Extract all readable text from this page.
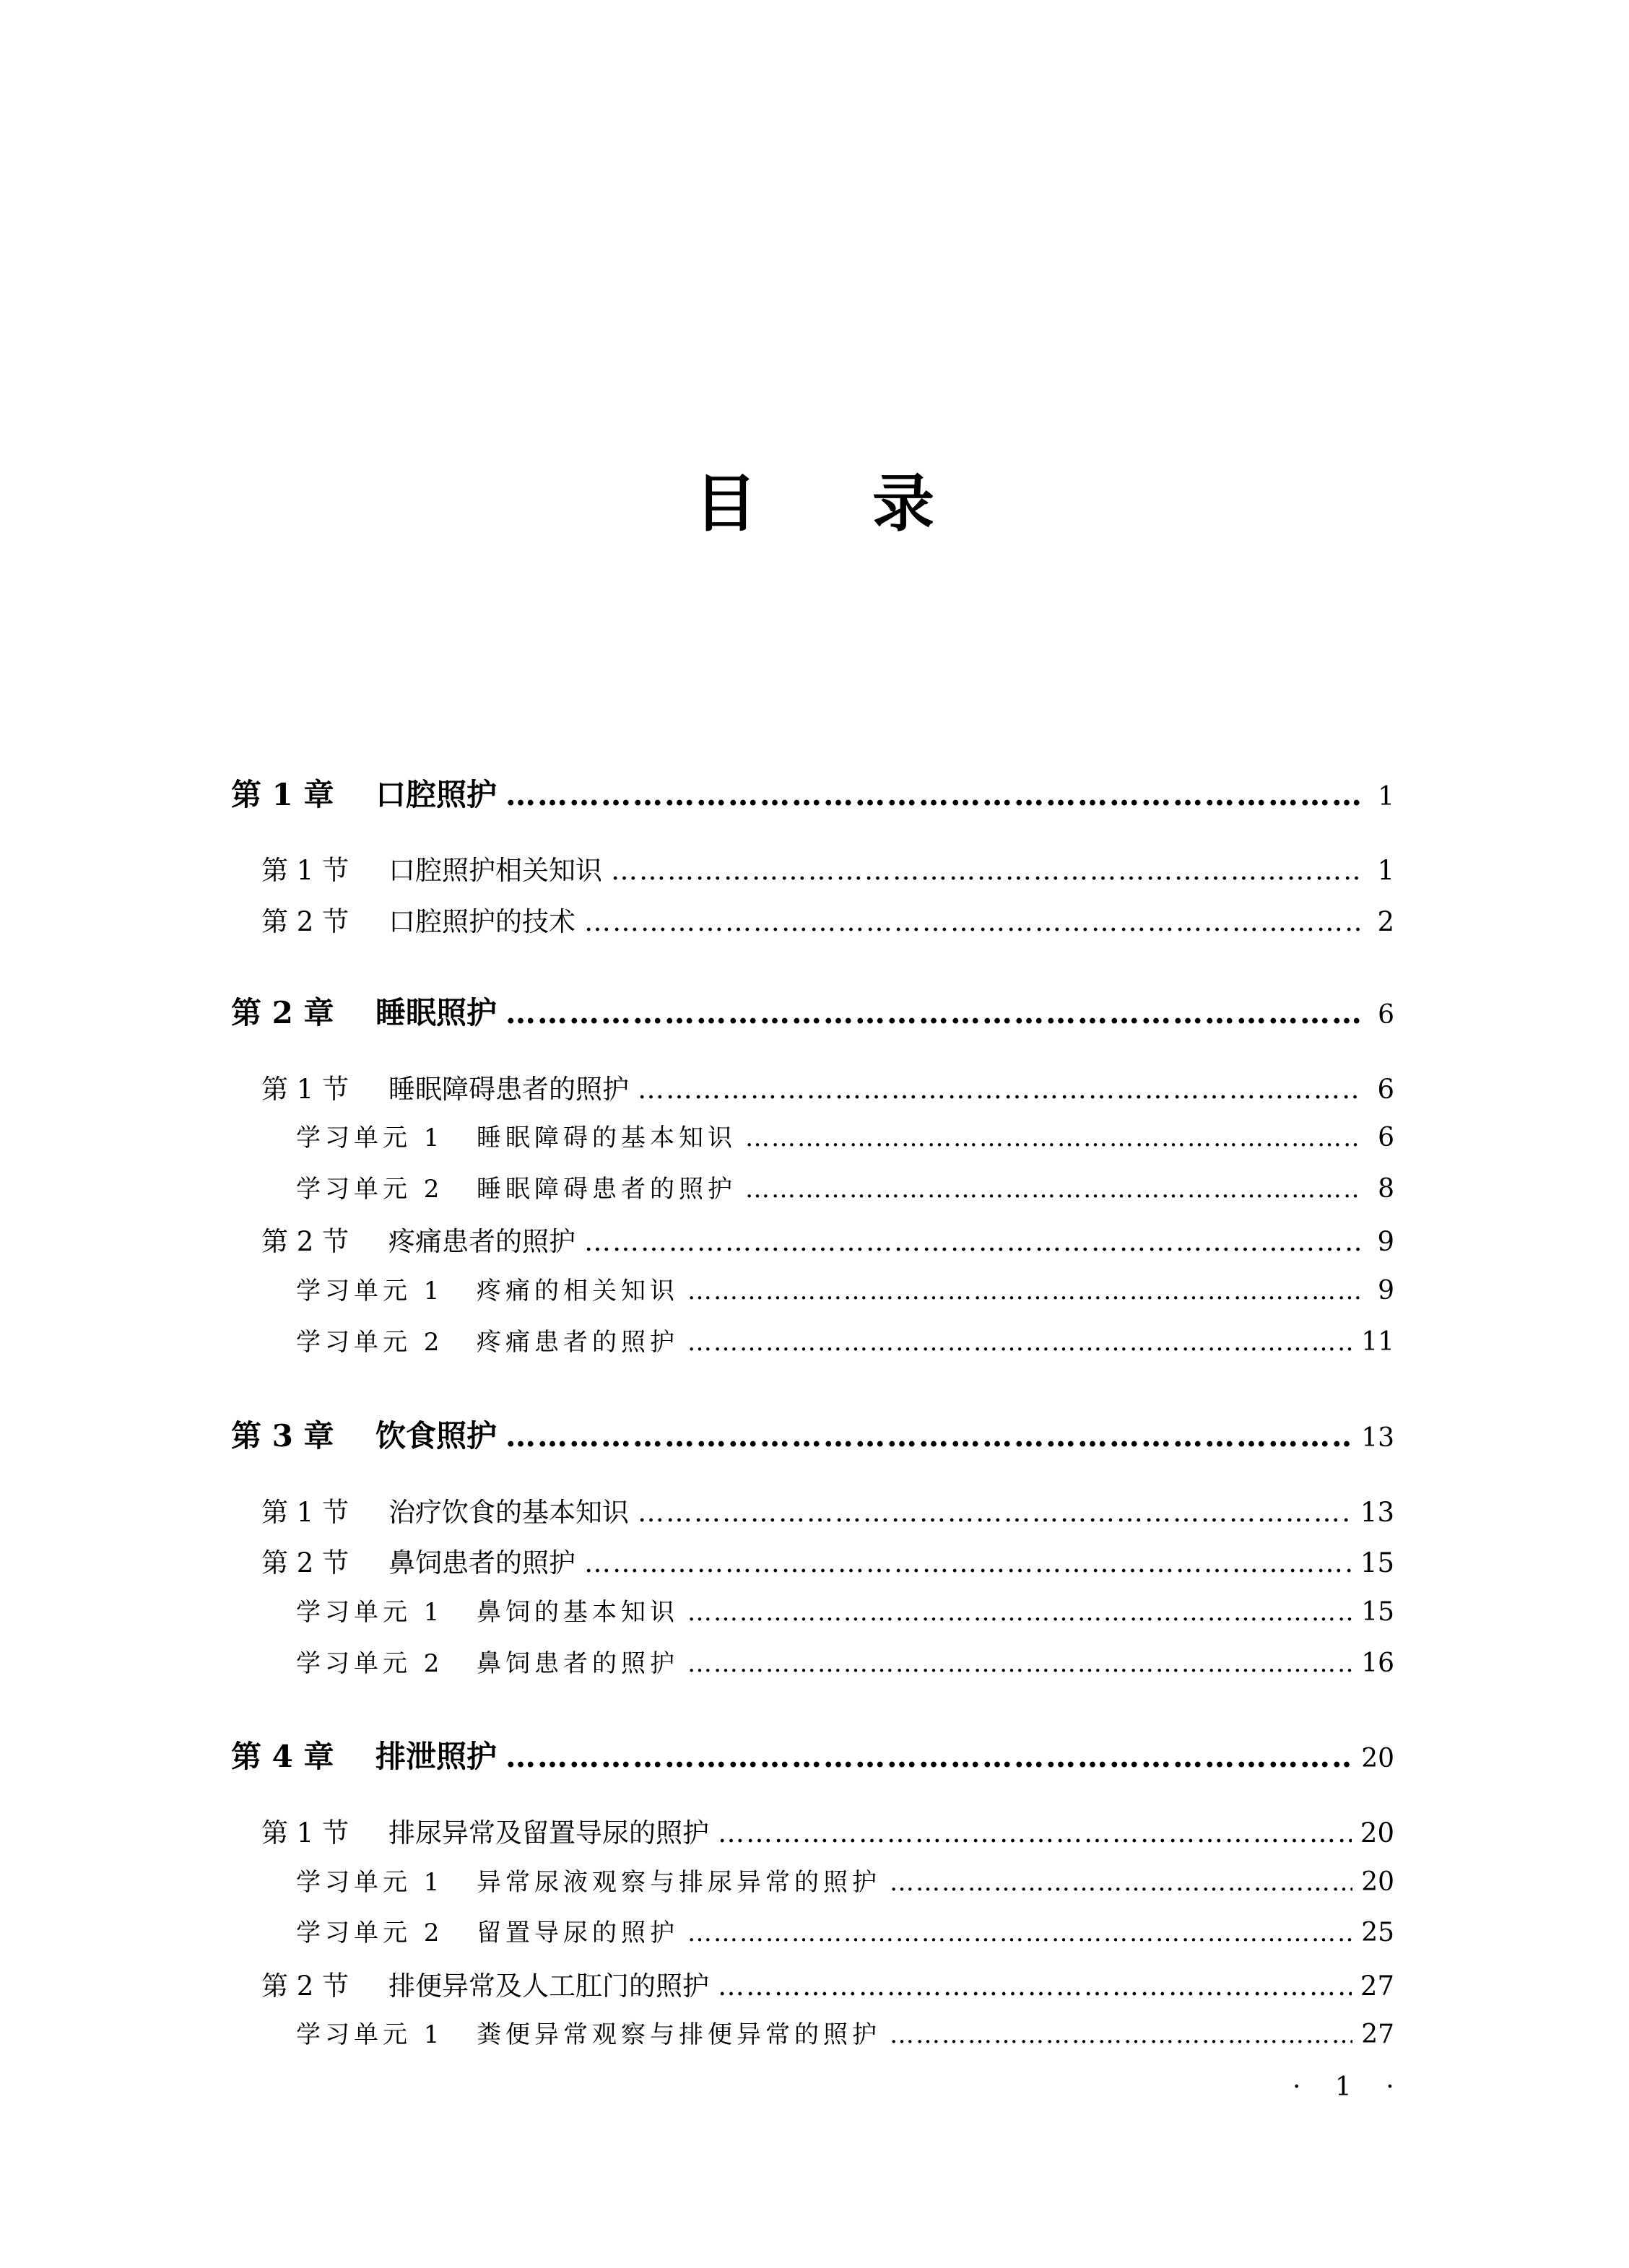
目 录
第 1 章	口腔照护 ……………………………………………………………………………………………………………………………………………………………………………………	1
第 1 节	口腔照护相关知识 ……………………………………………………………………………………………………………………………………………………………………………………	1
第 2 节	口腔照护的技术 ……………………………………………………………………………………………………………………………………………………………………………………	2
第 2 章	睡眠照护 ……………………………………………………………………………………………………………………………………………………………………………………	6
第 1 节	睡眠障碍患者的照护 ……………………………………………………………………………………………………………………………………………………………………………………	6
学习单元 1	睡眠障碍的基本知识 ……………………………………………………………………………………………………………………………………………………………………………………	6
学习单元 2	睡眠障碍患者的照护 ……………………………………………………………………………………………………………………………………………………………………………………	8
第 2 节	疼痛患者的照护 ……………………………………………………………………………………………………………………………………………………………………………………	9
学习单元 1	疼痛的相关知识 ……………………………………………………………………………………………………………………………………………………………………………………	9
学习单元 2	疼痛患者的照护 ……………………………………………………………………………………………………………………………………………………………………………………	11
第 3 章	饮食照护 ……………………………………………………………………………………………………………………………………………………………………………………	13
第 1 节	治疗饮食的基本知识 ……………………………………………………………………………………………………………………………………………………………………………………	13
第 2 节	鼻饲患者的照护 ……………………………………………………………………………………………………………………………………………………………………………………	15
学习单元 1	鼻饲的基本知识 ……………………………………………………………………………………………………………………………………………………………………………………	15
学习单元 2	鼻饲患者的照护 ……………………………………………………………………………………………………………………………………………………………………………………	16
第 4 章	排泄照护 ……………………………………………………………………………………………………………………………………………………………………………………	20
第 1 节	排尿异常及留置导尿的照护 ……………………………………………………………………………………………………………………………………………………………………………………	20
学习单元 1	异常尿液观察与排尿异常的照护 ……………………………………………………………………………………………………………………………………………………………………………………	20
学习单元 2	留置导尿的照护 ……………………………………………………………………………………………………………………………………………………………………………………	25
第 2 节	排便异常及人工肛门的照护 ……………………………………………………………………………………………………………………………………………………………………………………	27
学习单元 1	粪便异常观察与排便异常的照护 ……………………………………………………………………………………………………………………………………………………………………………………	27
· 1 ·
